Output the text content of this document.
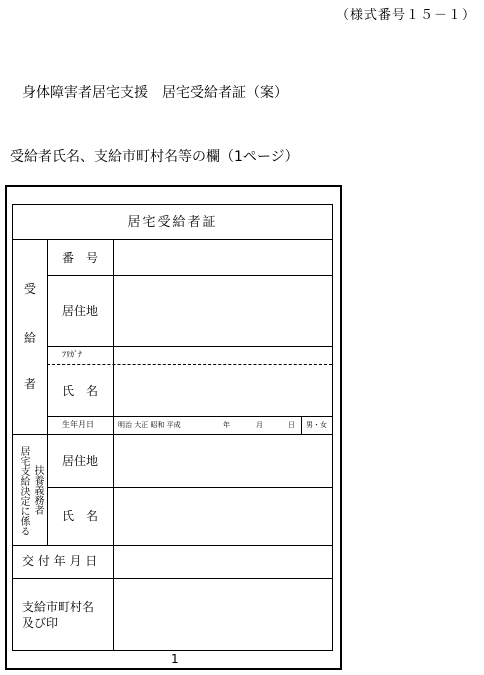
（様式番号１５－１）
身体障害者居宅支援　居宅受給者証（案）
受給者氏名、支給市町村名等の欄（1ページ）
居宅受給者証
受
給
者
番　号
居住地
ﾌﾘｶﾞﾅ
氏　名
生年月日	明治 大正 昭和 平成	年	月	日 男・女
居宅支給決定に係る 扶養義務者
居住地
氏　名
交 付 年 月 日
支給市町村名
及び印
1
